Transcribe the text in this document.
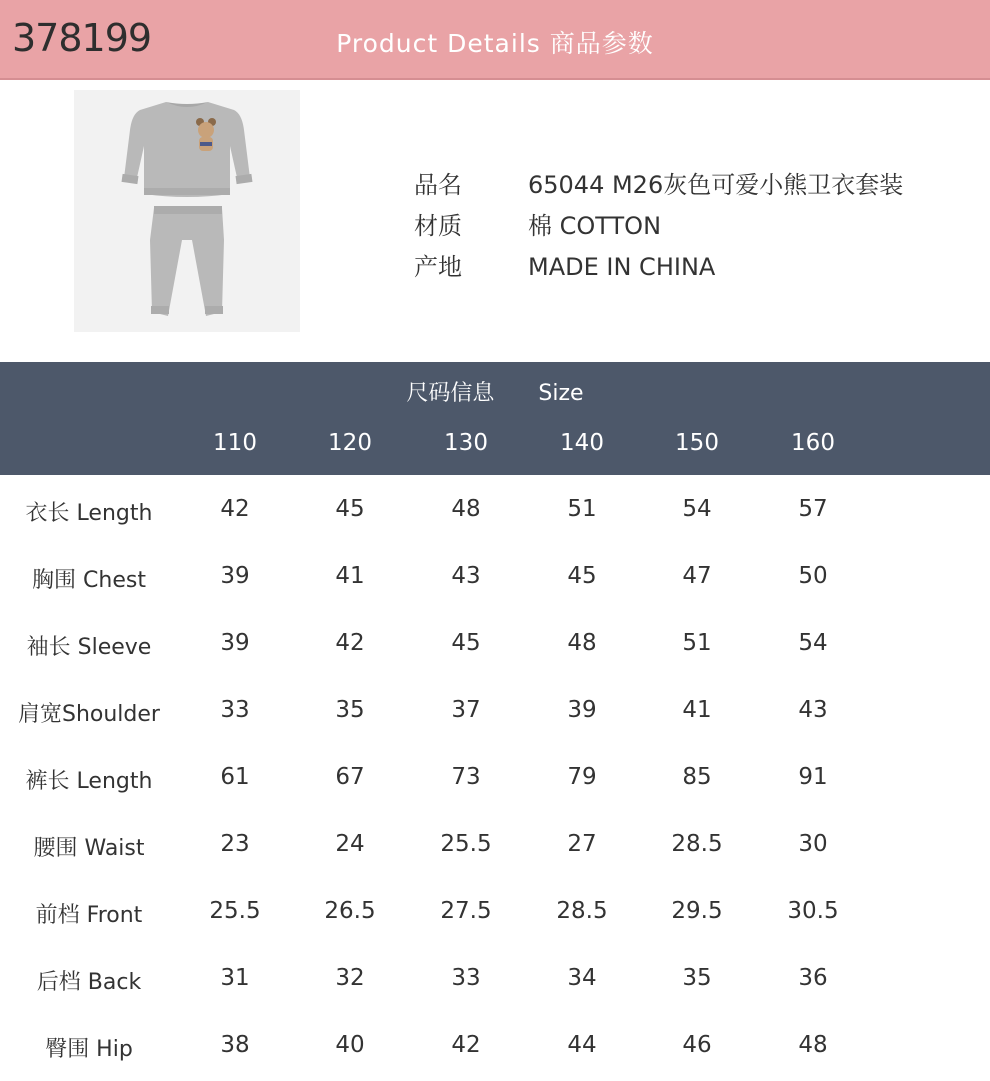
378199	Product Details 商品参数
品名	65044 M26灰色可爱小熊卫衣套装
材质	棉 COTTON
产地	MADE IN CHINA
尺码信息 Size
110	120	130	140	150	160
衣长 Length	42	45	48	51	54	57
胸围 Chest	39	41	43	45	47	50
袖长 Sleeve	39	42	45	48	51	54
肩宽Shoulder	33	35	37	39	41	43
裤长 Length	61	67	73	79	85	91
腰围 Waist	23	24	25.5	27	28.5	30
前档 Front	25.5	26.5	27.5	28.5	29.5	30.5
后档 Back	31	32	33	34	35	36
臀围 Hip	38	40	42	44	46	48
